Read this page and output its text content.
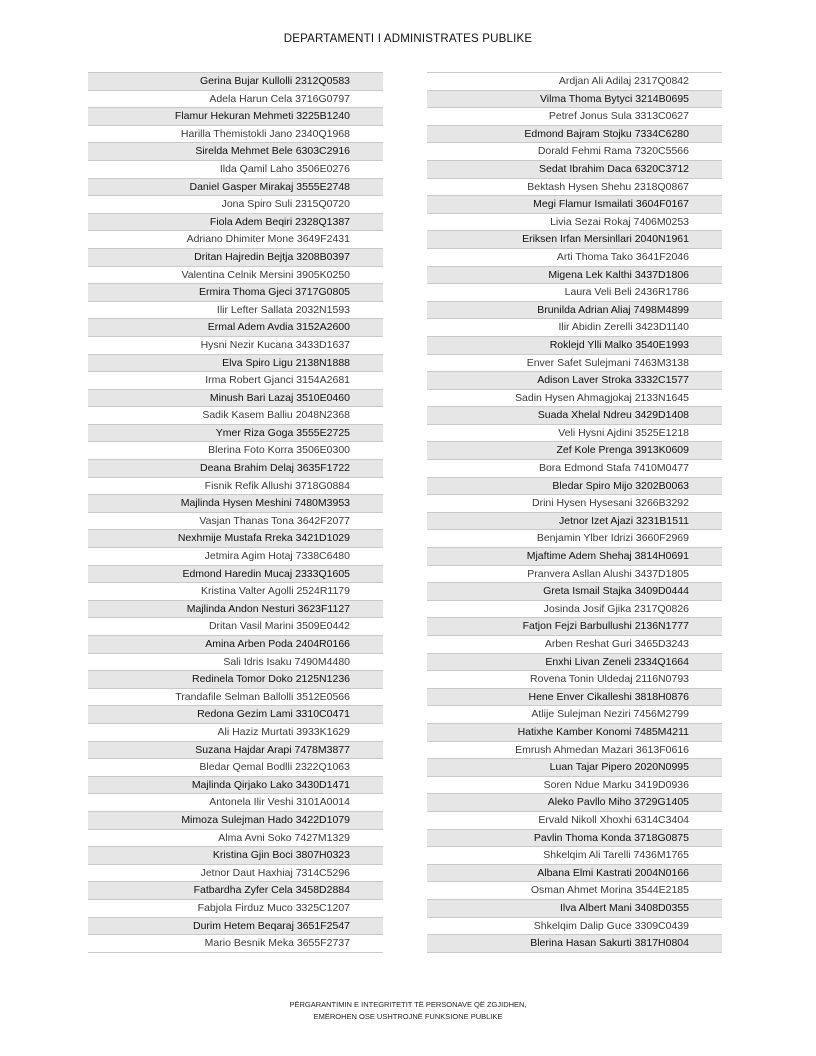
DEPARTAMENTI I ADMINISTRATES PUBLIKE
Gerina Bujar Kullolli 2312Q0583
Adela Harun Cela 3716G0797
Flamur Hekuran Mehmeti 3225B1240
Harilla Themistokli Jano 2340Q1968
Sirelda Mehmet Bele 6303C2916
Ilda Qamil Laho 3506E0276
Daniel Gasper Mirakaj 3555E2748
Jona Spiro Suli 2315Q0720
Fiola Adem Beqiri 2328Q1387
Adriano Dhimiter Mone 3649F2431
Dritan Hajredin Bejtja 3208B0397
Valentina Celnik Mersini 3905K0250
Ermira Thoma Gjeci 3717G0805
Ilir Lefter Sallata 2032N1593
Ermal Adem Avdia 3152A2600
Hysni Nezir Kucana 3433D1637
Elva Spiro Ligu 2138N1888
Irma Robert Gjanci 3154A2681
Minush Bari Lazaj 3510E0460
Sadik Kasem Balliu 2048N2368
Ymer Riza Goga 3555E2725
Blerina Foto Korra 3506E0300
Deana Brahim Delaj 3635F1722
Fisnik Refik Allushi 3718G0884
Majlinda Hysen Meshini 7480M3953
Vasjan Thanas Tona 3642F2077
Nexhmije Mustafa Rreka 3421D1029
Jetmira Agim Hotaj 7338C6480
Edmond Haredin Mucaj 2333Q1605
Kristina Valter Agolli 2524R1179
Majlinda Andon Nesturi 3623F1127
Dritan Vasil Marini 3509E0442
Amina Arben Poda 2404R0166
Sali Idris Isaku 7490M4480
Redinela Tomor Doko 2125N1236
Trandafile Selman Ballolli 3512E0566
Redona Gezim Lami 3310C0471
Ali Haziz Murtati 3933K1629
Suzana Hajdar Arapi 7478M3877
Bledar Qemal Bodlli 2322Q1063
Majlinda Qirjako Lako 3430D1471
Antonela Ilir Veshi 3101A0014
Mimoza Sulejman Hado 3422D1079
Alma Avni Soko 7427M1329
Kristina Gjin Boci 3807H0323
Jetnor Daut Haxhiaj 7314C5296
Fatbardha Zyfer Cela 3458D2884
Fabjola Firduz Muco 3325C1207
Durim Hetem Beqaraj 3651F2547
Mario Besnik Meka 3655F2737
Ardjan Ali Adilaj 2317Q0842
Vilma Thoma Bytyci 3214B0695
Petref Jonus Sula 3313C0627
Edmond Bajram Stojku 7334C6280
Dorald Fehmi Rama 7320C5566
Sedat Ibrahim Daca 6320C3712
Bektash Hysen Shehu 2318Q0867
Megi Flamur Ismailati 3604F0167
Livia Sezai Rokaj 7406M0253
Eriksen Irfan Mersinllari 2040N1961
Arti Thoma Tako 3641F2046
Migena Lek Kalthi 3437D1806
Laura Veli Beli 2436R1786
Brunilda Adrian Aliaj 7498M4899
Ilir Abidin Zerelli 3423D1140
Roklejd Ylli Malko 3540E1993
Enver Safet Sulejmani 7463M3138
Adison Laver Stroka 3332C1577
Sadin Hysen Ahmagjokaj 2133N1645
Suada Xhelal Ndreu 3429D1408
Veli Hysni Ajdini 3525E1218
Zef Kole Prenga 3913K0609
Bora Edmond Stafa 7410M0477
Bledar Spiro Mijo 3202B0063
Drini Hysen Hysesani 3266B3292
Jetnor Izet Ajazi 3231B1511
Benjamin Ylber Idrizi 3660F2969
Mjaftime Adem Shehaj 3814H0691
Pranvera Asllan Alushi 3437D1805
Greta Ismail Stajka 3409D0444
Josinda Josif Gjika 2317Q0826
Fatjon Fejzi Barbullushi 2136N1777
Arben Reshat Guri 3465D3243
Enxhi Livan Zeneli 2334Q1664
Rovena Tonin Uldedaj 2116N0793
Hene Enver Cikalleshi 3818H0876
Atlije Sulejman Neziri 7456M2799
Hatixhe Kamber Konomi 7485M4211
Emrush Ahmedan Mazari 3613F0616
Luan Tajar Pipero 2020N0995
Soren Ndue Marku 3419D0936
Aleko Pavllo Miho 3729G1405
Ervald Nikoll Xhoxhi 6314C3404
Pavlin Thoma Konda 3718G0875
Shkelqim Ali Tarelli 7436M1765
Albana Elmi Kastrati 2004N0166
Osman Ahmet Morina 3544E2185
Ilva Albert Mani 3408D0355
Shkelqim Dalip Guce 3309C0439
Blerina Hasan Sakurti 3817H0804
PËRGARANTIMIN E INTEGRITETIT TË PERSONAVE QË ZGJIDHEN,
EMËROHEN OSE USHTROJNË FUNKSIONE PUBLIKE
